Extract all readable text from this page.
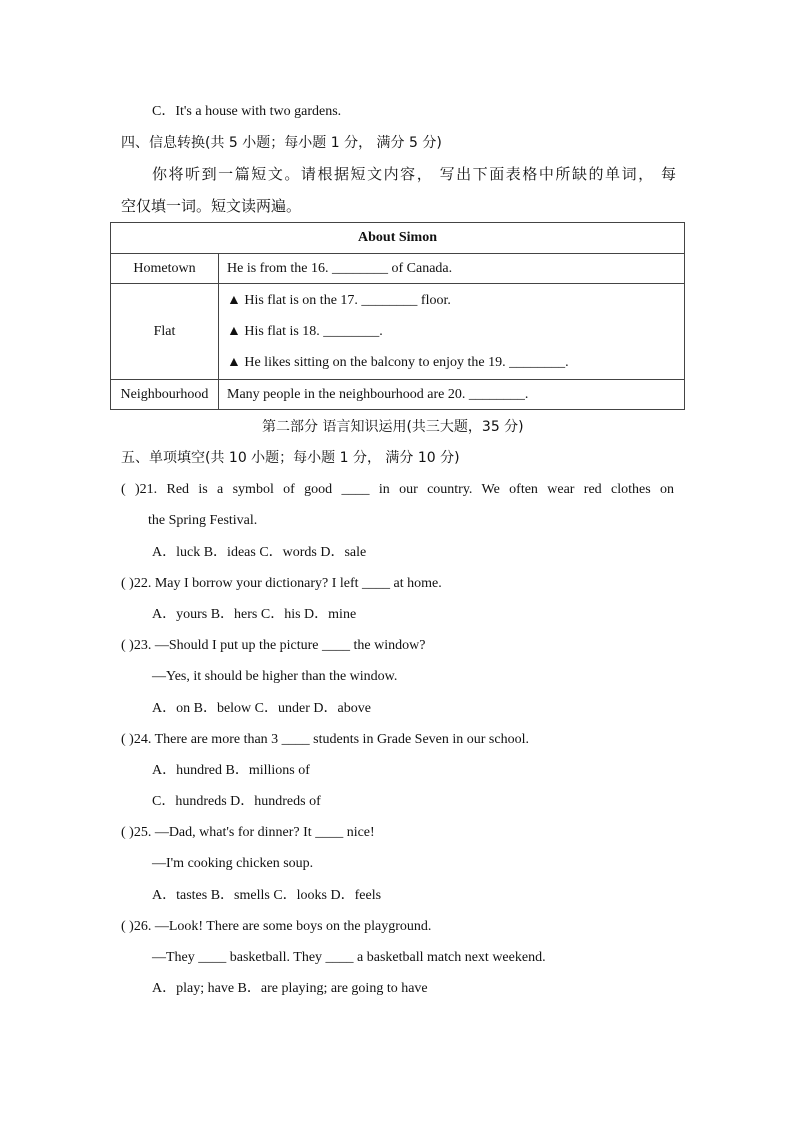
C．It's a house with two gardens.
四、信息转换(共 5 小题；每小题 1 分， 满分 5 分)
你将听到一篇短文。请根据短文内容， 写出下面表格中所缺的单词， 每
空仅填一词。短文读两遍。
About Simon	
Hometown	He is from the 16. ________ of Canada.
Flat	▲ His flat is on the 17. ________ floor.
▲ His flat is 18. ________.
▲ He likes sitting on the balcony to enjoy the 19. ________.

Neighbourhood	Many people in the neighbourhood are 20. ________.
第二部分 语言知识运用(共三大题，35 分)
五、单项填空(共 10 小题；每小题 1 分， 满分 10 分)
( )21. Red is a symbol of good ____ in our country. We often wear red clothes on
the Spring Festival.
A．luck B．ideas C．words D．sale
( )22. May I borrow your dictionary? I left ____ at home.
A．yours B．hers C．his D．mine
( )23. —Should I put up the picture ____ the window?
—Yes, it should be higher than the window.
A．on B．below C．under D．above
( )24. There are more than 3 ____ students in Grade Seven in our school.
A．hundred B．millions of
C．hundreds D．hundreds of
( )25. —Dad, what's for dinner? It ____ nice!
—I'm cooking chicken soup.
A．tastes B．smells C．looks D．feels
( )26. —Look! There are some boys on the playground.
—They ____ basketball. They ____ a basketball match next weekend.
A．play; have B．are playing; are going to have
